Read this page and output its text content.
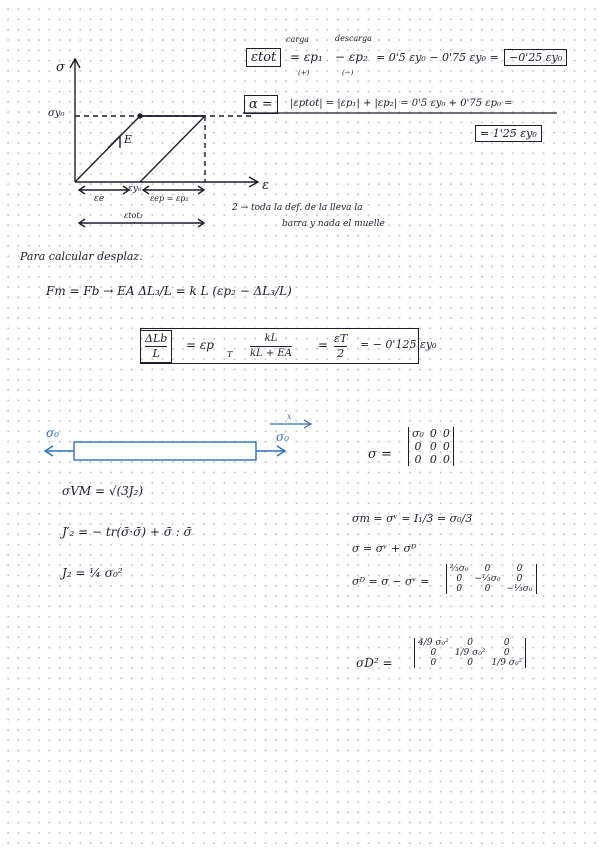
carga	descarga
εtot	= εp₁ − εp₂ = 0'5 εy₀ − 0'75 εy₀ = −0'25 εy₀
(+)	(−)
α =	|εptot| = |εp₁| + |εp₂| = 0'5 εy₀ + 0'75 εp₀ =
= 1'25 εy₀
σ
ε
σy₀
E
εy₀
εe	εep = εp₂
εtot₂
2 → toda la def. de la lleva la
barra y nada el muelle
Para calcular desplaz.
Fm = Fb → EA ΔL₃/L = k L (εp₂ − ΔL₃/L)
ΔLb
L
= εp
T $\frac{kL}{kL + EA} = \frac{\varepsilon T}{2}$ = − 0'125 εy₀
σ₀	σ₀
x
σ =
σ₀	0	0
0	0	0
0	0	0
σVM = √(3J₂)
J′₂ = − tr(σ̄·σ̄) + σ̄ : σ̄
J₂ = ¼ σ₀²
σm = σᵛ = I₁/3 = σ₀/3
σ = σᵛ + σᴰ
σᴰ = σ − σᵛ =
⅔σ₀	0	0
0	−⅓σ₀	0
0	0	−⅓σ₀
σD² =
4/9 σ₀²	0	0
0	1/9 σ₀²	0
0	0	1/9 σ₀²
